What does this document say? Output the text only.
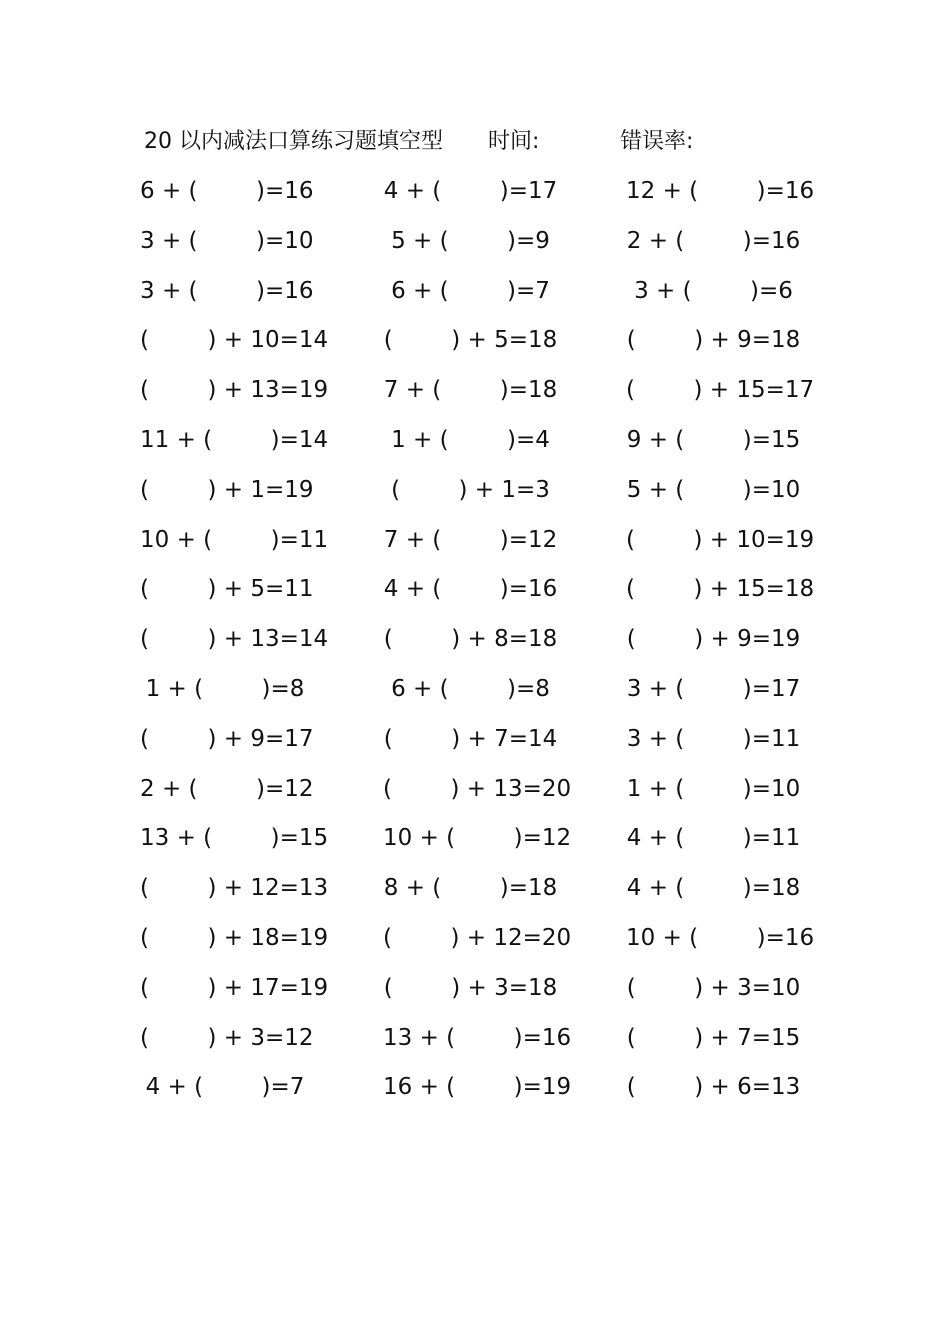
20 以内减法口算练习题填空型 时间:	错误率:
6 + (        )=16
3 + (        )=10
3 + (        )=16
(        ) + 10=14
(        ) + 13=19
11 + (        )=14
(        ) + 1=19
10 + (        )=11
(        ) + 5=11
(        ) + 13=14
1 + (        )=8
(        ) + 9=17
2 + (        )=12
13 + (        )=15
(        ) + 12=13
(        ) + 18=19
(        ) + 17=19
(        ) + 3=12
4 + (        )=7
4 + (        )=17
5 + (        )=9
6 + (        )=7
(        ) + 5=18
7 + (        )=18
1 + (        )=4
(        ) + 1=3
7 + (        )=12
4 + (        )=16
(        ) + 8=18
6 + (        )=8
(        ) + 7=14
(        ) + 13=20
10 + (        )=12
8 + (        )=18
(        ) + 12=20
(        ) + 3=18
13 + (        )=16
16 + (        )=19
12 + (        )=16
2 + (        )=16
3 + (        )=6
(        ) + 9=18
(        ) + 15=17
9 + (        )=15
5 + (        )=10
(        ) + 10=19
(        ) + 15=18
(        ) + 9=19
3 + (        )=17
3 + (        )=11
1 + (        )=10
4 + (        )=11
4 + (        )=18
10 + (        )=16
(        ) + 3=10
(        ) + 7=15
(        ) + 6=13
